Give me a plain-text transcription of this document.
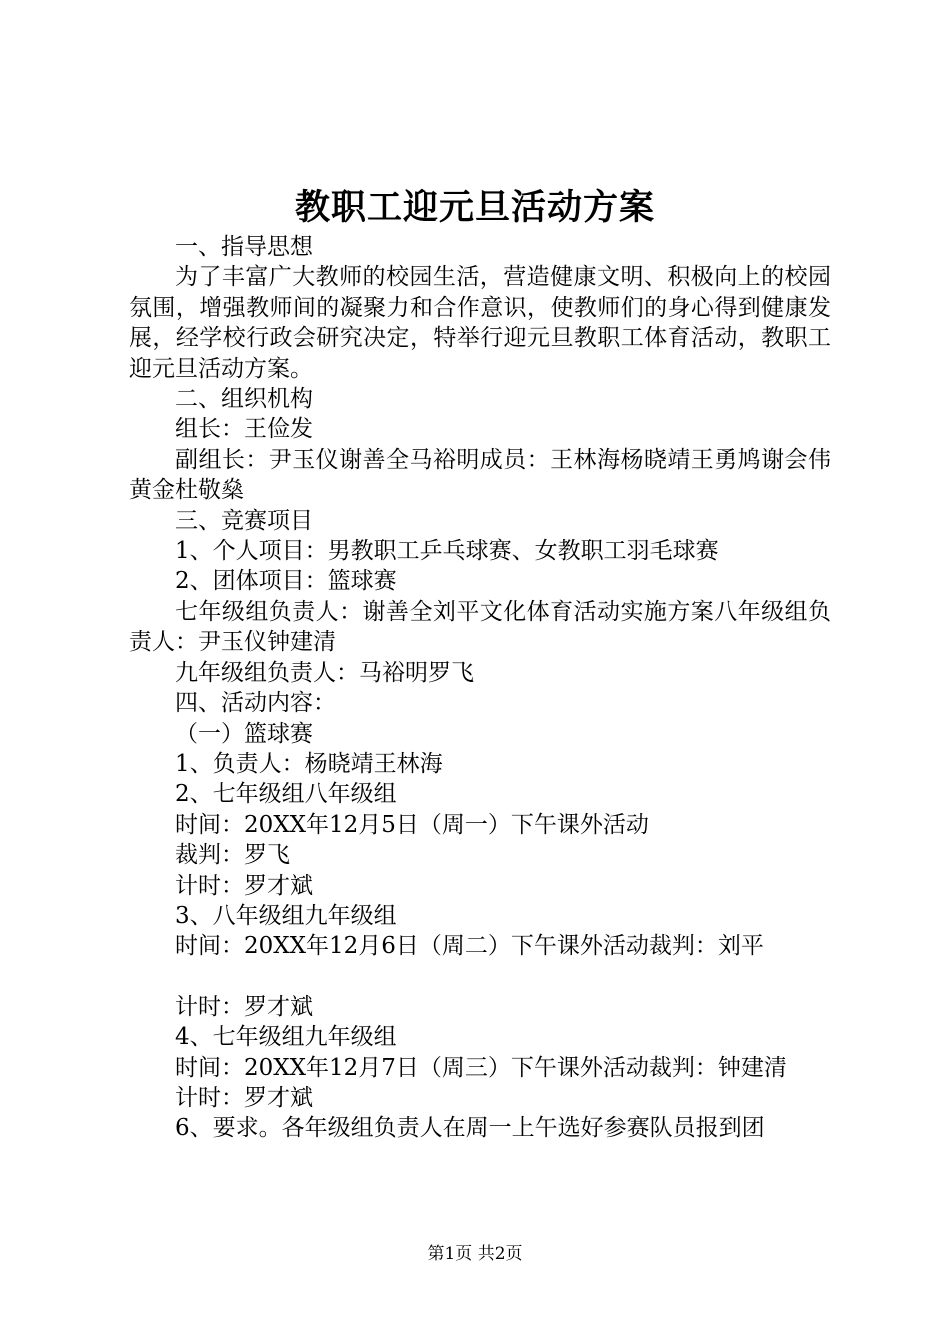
教职工迎元旦活动方案

一、指导思想

为了丰富广大教师的校园生活，营造健康文明、积极向上的校园氛围，增强教师间的凝聚力和合作意识，使教师们的身心得到健康发展，经学校行政会研究决定，特举行迎元旦教职工体育活动，教职工迎元旦活动方案。

二、组织机构

组长：王俭发

副组长：尹玉仪谢善全马裕明成员：王林海杨晓靖王勇鸠谢会伟黄金杜敬燊

三、竞赛项目

1、个人项目：男教职工乒乓球赛、女教职工羽毛球赛

2、团体项目：篮球赛

七年级组负责人：谢善全刘平文化体育活动实施方案八年级组负责人：尹玉仪钟建清

九年级组负责人：马裕明罗飞

四、活动内容：

（一）篮球赛

1、负责人：杨晓靖王林海

2、七年级组八年级组

时间：20XX年12月5日（周一）下午课外活动

裁判：罗飞

计时：罗才斌

3、八年级组九年级组

时间：20XX年12月6日（周二）下午课外活动裁判：刘平

计时：罗才斌

4、七年级组九年级组

时间：20XX年12月7日（周三）下午课外活动裁判：钟建清

计时：罗才斌

6、要求。各年级组负责人在周一上午选好参赛队员报到团

第1页 共2页
